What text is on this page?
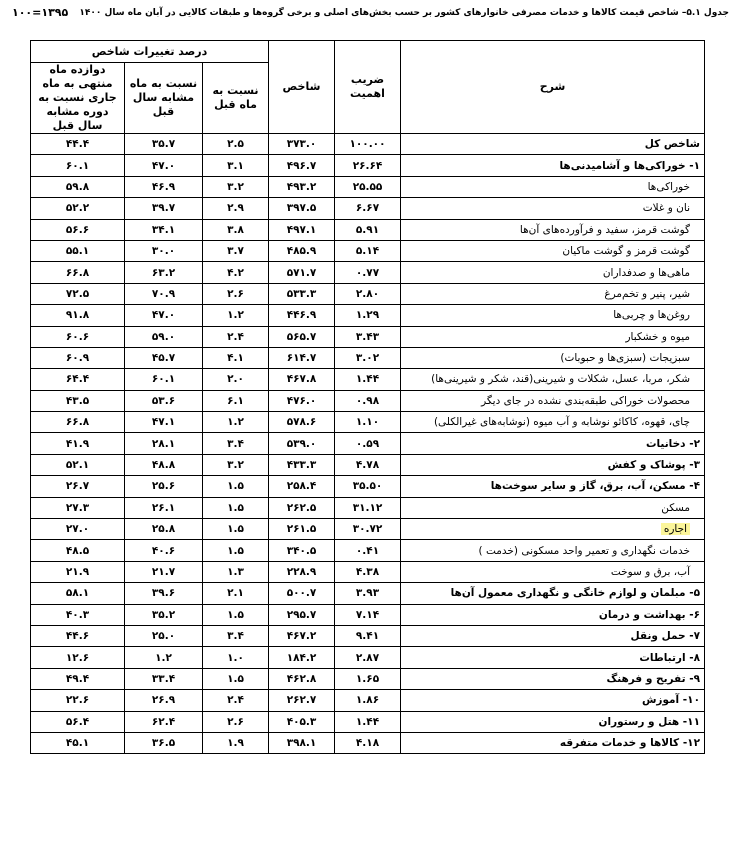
جدول ۵.۱– شاخص قیمت کالاها و خدمات مصرفی خانوارهای کشور بر حسب بخش‌های اصلی و برخی گروه‌ها و طبقات کالایی در آبان ماه سال ۱۴۰۰
۱۰۰=۱۳۹۵
شرح	ضریب اهمیت	شاخص	درصد تغییرات شاخص		
			نسبت به ماه قبل	نسبت به ماه مشابه سال قبل	دوازده ماه منتهی به ماه جاری نسبت به دوره مشابه سال قبل
شاخص کل	۱۰۰.۰۰	۳۷۳.۰	۲.۵	۳۵.۷	۴۴.۴
۱- خوراکی‌ها و آشامیدنی‌ها	۲۶.۶۴	۴۹۶.۷	۳.۱	۴۷.۰	۶۰.۱
خوراکی‌ها	۲۵.۵۵	۴۹۳.۲	۳.۲	۴۶.۹	۵۹.۸
نان و غلات	۶.۶۷	۳۹۷.۵	۲.۹	۳۹.۷	۵۲.۲
گوشت قرمز، سفید و فرآورده‌های آن‌ها	۵.۹۱	۴۹۷.۱	۳.۸	۳۴.۱	۵۶.۶
گوشت قرمز و گوشت ماکیان	۵.۱۴	۴۸۵.۹	۳.۷	۳۰.۰	۵۵.۱
ماهی‌ها و صدفداران	۰.۷۷	۵۷۱.۷	۴.۲	۶۳.۲	۶۶.۸
شیر، پنیر و تخم‌مرغ	۲.۸۰	۵۳۳.۳	۲.۶	۷۰.۹	۷۲.۵
روغن‌ها و چربی‌ها	۱.۲۹	۴۴۶.۹	۱.۲	۴۷.۰	۹۱.۸
میوه و خشکبار	۳.۴۳	۵۶۵.۷	۲.۴	۵۹.۰	۶۰.۶
سبزیجات (سبزی‌ها و حبوبات)	۳.۰۲	۶۱۴.۷	۴.۱	۴۵.۷	۶۰.۹
شکر، مربا، عسل، شکلات و شیرینی(قند، شکر و شیرینی‌ها)	۱.۴۴	۴۶۷.۸	۲.۰	۶۰.۱	۶۴.۴
محصولات خوراکی طبقه‌بندی نشده در جای دیگر	۰.۹۸	۴۷۶.۰	۶.۱	۵۳.۶	۴۳.۵
چای، قهوه، کاکائو نوشابه و آب میوه (نوشابه‌های غیرالکلی)	۱.۱۰	۵۷۸.۶	۱.۲	۴۷.۱	۶۶.۸
۲- دخانیات	۰.۵۹	۵۳۹.۰	۳.۴	۲۸.۱	۴۱.۹
۳- پوشاک و کفش	۴.۷۸	۴۳۳.۳	۳.۲	۴۸.۸	۵۲.۱
۴- مسکن، آب، برق، گاز و سایر سوخت‌ها	۳۵.۵۰	۲۵۸.۴	۱.۵	۲۵.۶	۲۶.۷
مسکن	۳۱.۱۲	۲۶۲.۵	۱.۵	۲۶.۱	۲۷.۳
اجاره	۳۰.۷۲	۲۶۱.۵	۱.۵	۲۵.۸	۲۷.۰
خدمات نگهداری و تعمیر واحد مسکونی (خدمت )	۰.۴۱	۳۴۰.۵	۱.۵	۴۰.۶	۴۸.۵
آب، برق و سوخت	۴.۳۸	۲۲۸.۹	۱.۳	۲۱.۷	۲۱.۹
۵- مبلمان و لوازم خانگی و نگهداری معمول آن‌ها	۳.۹۳	۵۰۰.۷	۲.۱	۳۹.۶	۵۸.۱
۶- بهداشت و درمان	۷.۱۴	۲۹۵.۷	۱.۵	۳۵.۲	۴۰.۳
۷- حمل ونقل	۹.۴۱	۴۶۷.۲	۳.۴	۲۵.۰	۴۴.۶
۸- ارتباطات	۲.۸۷	۱۸۴.۲	۱.۰	۱.۲	۱۲.۶
۹- تفریح و فرهنگ	۱.۶۵	۴۶۲.۸	۱.۵	۳۳.۴	۴۹.۴
۱۰- آموزش	۱.۸۶	۲۶۲.۷	۲.۴	۲۶.۹	۲۲.۶
۱۱- هتل و رستوران	۱.۴۴	۴۰۵.۳	۲.۶	۶۲.۴	۵۶.۴
۱۲- کالاها و خدمات متفرقه	۴.۱۸	۳۹۸.۱	۱.۹	۳۶.۵	۴۵.۱
